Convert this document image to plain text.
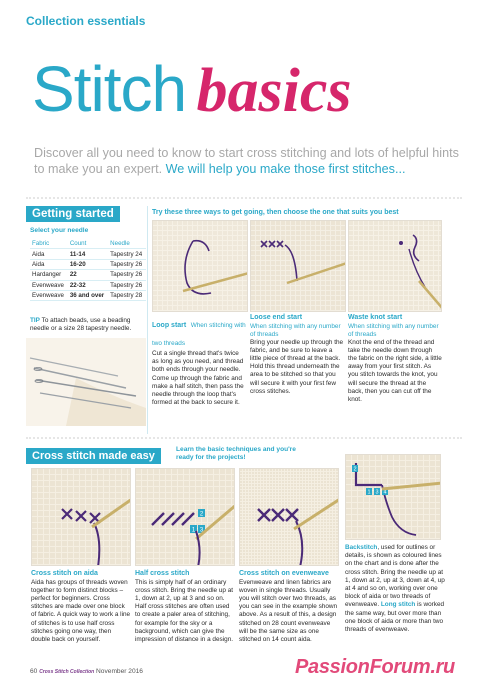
Collection essentials
Stitch basics
Discover all you need to know to start cross stitching and lots of helpful hints to make you an expert. We will help you make those first stitches...
Getting started
Select your needle
Fabric	Count	Needle
Aida	11-14	Tapestry 24
Aida	16-20	Tapestry 26
Hardanger	22	Tapestry 26
Evenweave	22-32	Tapestry 26
Evenweave	36 and over	Tapestry 28
TIP To attach beads, use a beading needle or a size 28 tapestry needle.
Try these three ways to get going, then choose the one that suits you best
Loop start When stitching with two threads
Cut a single thread that's twice as long as you need, and thread both ends through your needle. Come up through the fabric and make a half stitch, then pass the needle through the loop that's formed at the back to secure it.
Loose end start
When stitching with any number of threads
Bring your needle up through the fabric, and be sure to leave a little piece of thread at the back. Hold this thread underneath the area to be stitched so that you will secure it with your first few cross stitches.
Waste knot start
When stitching with any number of threads
Knot the end of the thread and take the needle down through the fabric on the right side, a little away from your first stitch. As you stitch towards the knot, you will secure the thread at the back, then you can cut off the knot.
Cross stitch made easy
Learn the basic techniques and you're ready for the projects!
2
1 3
2
1 3 4
Cross stitch on aida
Aida has groups of threads woven together to form distinct blocks – perfect for beginners. Cross stitches are made over one block of fabric. A quick way to work a line of stitches is to use half cross stitches going one way, then double back on yourself.
Half cross stitch
This is simply half of an ordinary cross stitch. Bring the needle up at 1, down at 2, up at 3 and so on. Half cross stitches are often used to create a paler area of stitching, for example for the sky or a background, which can give the impression of distance in a design.
Cross stitch on evenweave
Evenweave and linen fabrics are woven in single threads. Usually you will stitch over two threads, as you can see in the example shown above. As a result of this, a design stitched on 28 count evenweave will be the same size as one stitched on 14 count aida.
Backstitch, used for outlines or details, is shown as coloured lines on the chart and is done after the cross stitch. Bring the needle up at 1, down at 2, up at 3, down at 4, up at 4 and so on, working over one block of aida or two threads of evenweave. Long stitch is worked the same way, but over more than one block of aida or more than two threads of evenweave.
60 Cross Stitch Collection November 2016	PassionForum.ru
